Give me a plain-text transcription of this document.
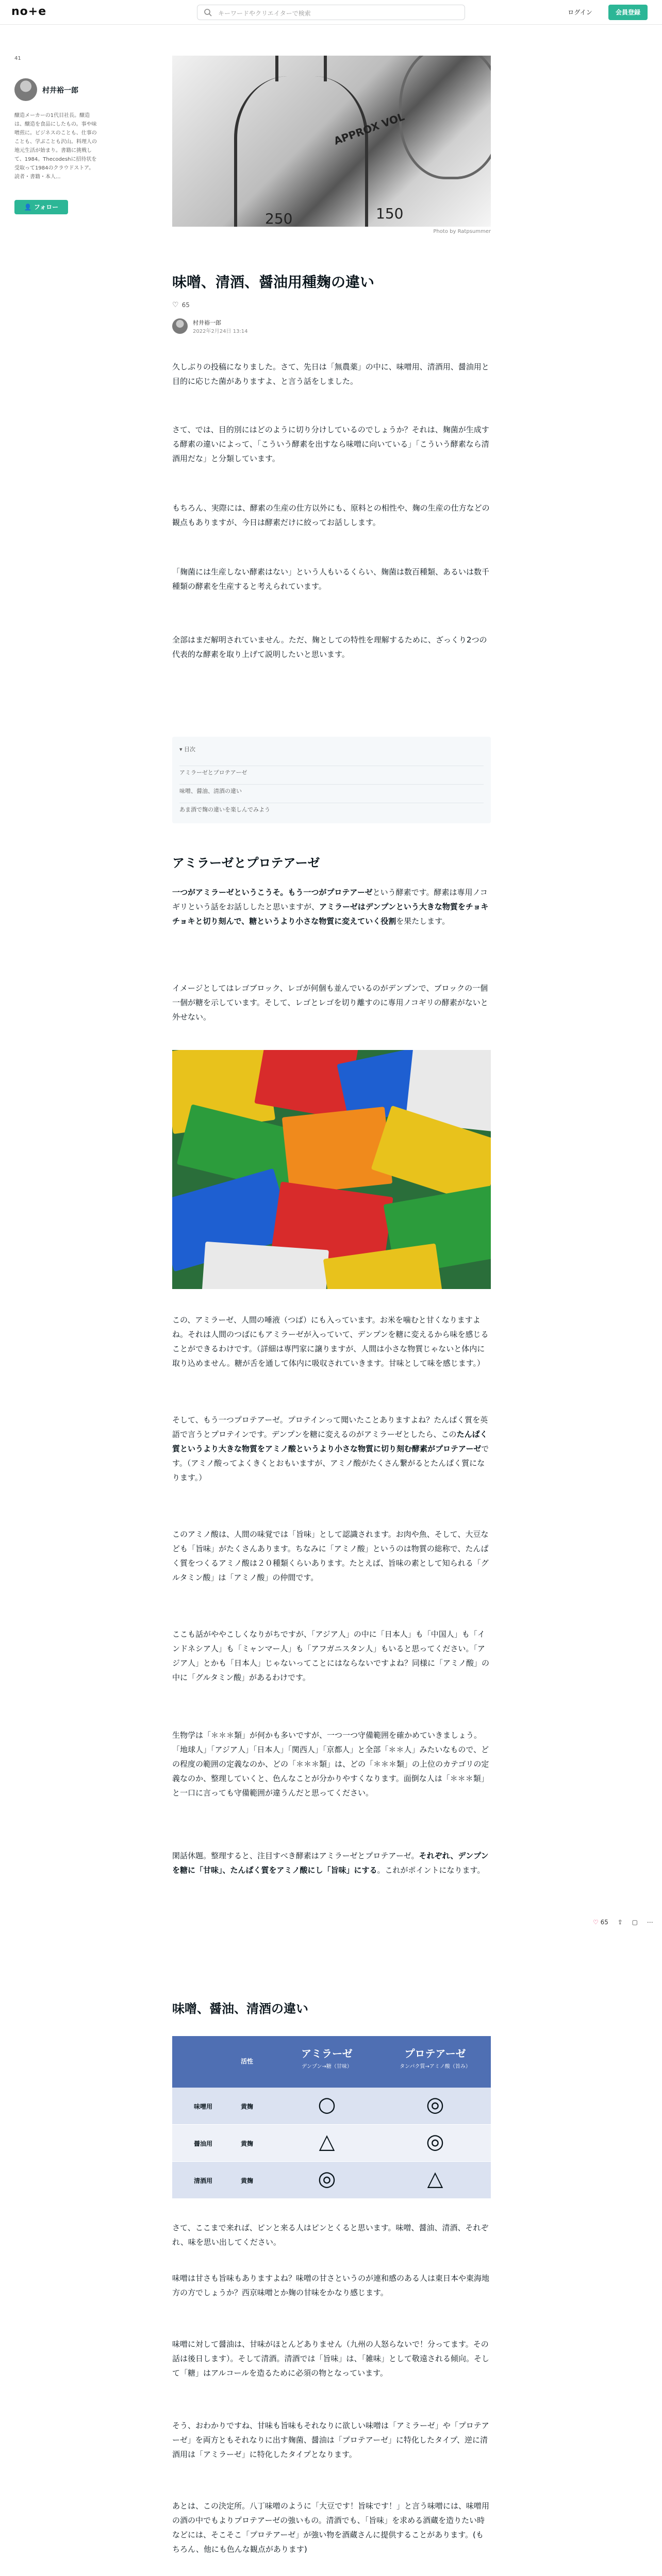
no+e	キーワードやクリエイターで検索	ログイン	会員登録
41
村井裕一郎
醸造メーカーの1代目社長。醸造は、醸造を食品にしたもの。事や味噌煎に。ビジネスのことも、仕事のことも、学ぶことも沢山。料理人の地元生活が始まり。書籍に挑戦して、1984。Thecodeshに招待状を受取って1984のクラウドストア。読者・書籍・本人...
👤 フォロー
APPROX VOL
250	150
Photo by Ratpsummer
味噌、清酒、醤油用種麹の違い
♡ 65
村井裕一郎
2022年2月24日 13:14

久しぶりの投稿になりました。さて、先日は「無農薬」の中に、味噌用、清酒用、醤油用と目的に応じた菌がありますよ、と言う話をしました。

さて、では、目的別にはどのように切り分けしているのでしょうか？それは、麹菌が生成する酵素の違いによって、「こういう酵素を出すなら味噌に向いている」「こういう酵素なら清酒用だな」と分類しています。

もちろん、実際には、酵素の生産の仕方以外にも、原料との相性や、麹の生産の仕方などの観点もありますが、今日は酵素だけに絞ってお話しします。

「麹菌には生産しない酵素はない」という人もいるくらい、麹菌は数百種類、あるいは数千種類の酵素を生産すると考えられています。

全部はまだ解明されていません。ただ、麹としての特性を理解するために、ざっくり2つの代表的な酵素を取り上げて説明したいと思います。

▾ 目次
アミラーゼとプロテアーゼ
味噌、醤油、清酒の違い
あま酒で麹の違いを楽しんでみよう
アミラーゼとプロテアーゼ

一つがアミラーゼというこうそ。もう一つがプロテアーゼという酵素です。酵素は専用ノコギリという話をお話ししたと思いますが、アミラーゼはデンプンという大きな物質をチョキチョキと切り刻んで、糖というより小さな物質に変えていく役割を果たします。

イメージとしてはレゴブロック、レゴが何個も並んでいるのがデンプンで、ブロックの一個一個が糖を示しています。そして、レゴとレゴを切り離すのに専用ノコギリの酵素がないと外せない。

この、アミラーゼ、人間の唾液（つば）にも入っています。お米を噛むと甘くなりますよね。それは人間のつばにもアミラーゼが入っていて、デンプンを糖に変えるから味を感じることができるわけです。（詳細は専門家に譲りますが、人間は小さな物質じゃないと体内に取り込めません。糖が舌を通して体内に吸収されていきます。甘味として味を感じます。）

そして、もう一つプロテアーゼ。プロテインって聞いたことありますよね？たんぱく質を英語で言うとプロテインです。デンプンを糖に変えるのがアミラーゼとしたら、このたんぱく質というより大きな物質をアミノ酸というより小さな物質に切り刻む酵素がプロテアーゼです。（アミノ酸ってよくきくとおもいますが、アミノ酸がたくさん繋がるとたんぱく質になります。）

このアミノ酸は、人間の味覚では「旨味」として認識されます。お肉や魚、そして、大豆なども「旨味」がたくさんあります。ちなみに「アミノ酸」というのは物質の総称で、たんぱく質をつくるアミノ酸は２０種類くらいあります。たとえば、旨味の素として知られる「グルタミン酸」は「アミノ酸」の仲間です。

ここも話がややこしくなりがちですが、「アジア人」の中に「日本人」も「中国人」も「インドネシア人」も「ミャンマー人」も「アフガニスタン人」もいると思ってください。「アジア人」とかも「日本人」じゃないってことにはならないですよね？同様に「アミノ酸」の中に「グルタミン酸」があるわけです。

生物学は「＊＊＊類」が何かも多いですが、一つ一つ守備範囲を確かめていきましょう。「地球人」「アジア人」「日本人」「関西人」「京都人」と全部「＊＊人」みたいなもので、どの程度の範囲の定義なのか、どの「＊＊＊類」は、どの「＊＊＊類」の上位のカテゴリの定義なのか、整理していくと、色んなことが分かりやすくなります。面倒な人は「＊＊＊類」と一口に言っても守備範囲が違うんだと思ってください。

閑話休題。整理すると、注目すべき酵素はアミラーゼとプロテアーゼ。それぞれ、デンプンを糖に「甘味」、たんぱく質をアミノ酸にし「旨味」にする。これがポイントになります。

味噌、醤油、清酒の違い
活性
アミラーゼ
デンプン→糖（甘味）
プロテアーゼ
タンパク質→アミノ酸（旨み）
味噌用	黄麹	○	◎
醤油用	黄麹	△	◎
清酒用	黄麹	◎	△

さて、ここまで来れば、ピンと来る人はピンとくると思います。味噌、醤油、清酒、それぞれ、味を思い出してください。

味噌は甘さも旨味もありますよね？味噌の甘さというのが連和感のある人は東日本や東海地方の方でしょうか？西京味噌とか麹の甘味をかなり感じます。

味噌に対して醤油は、甘味がほとんどありません（九州の人怒らないで！分ってます。その話は後日します）。そして清酒。清酒では「旨味」は、「雑味」として敬遠される傾向。そして「糖」はアルコールを造るために必須の物となっています。

そう、おわかりですね、甘味も旨味もそれなりに欲しい味噌は「アミラーゼ」や「プロテアーゼ」を両方ともそれなりに出す麹菌、醤油は「プロテアーゼ」に特化したタイプ、逆に清酒用は「アミラーゼ」に特化したタイプとなります。

あとは、この決定所。八丁味噌のように「大豆です！旨味です！」と言う味噌には、味噌用の酒の中でもよりプロテアーゼの強いもの。清酒でも、「旨味」を求める酒蔵を造りたい時などには、そこそこ「プロテアーゼ」が強い物を酒蔵さんに提供することがあります。(もちろん、他にも色んな観点があります)

♡ 65 ⇪ ▢ ⋯
